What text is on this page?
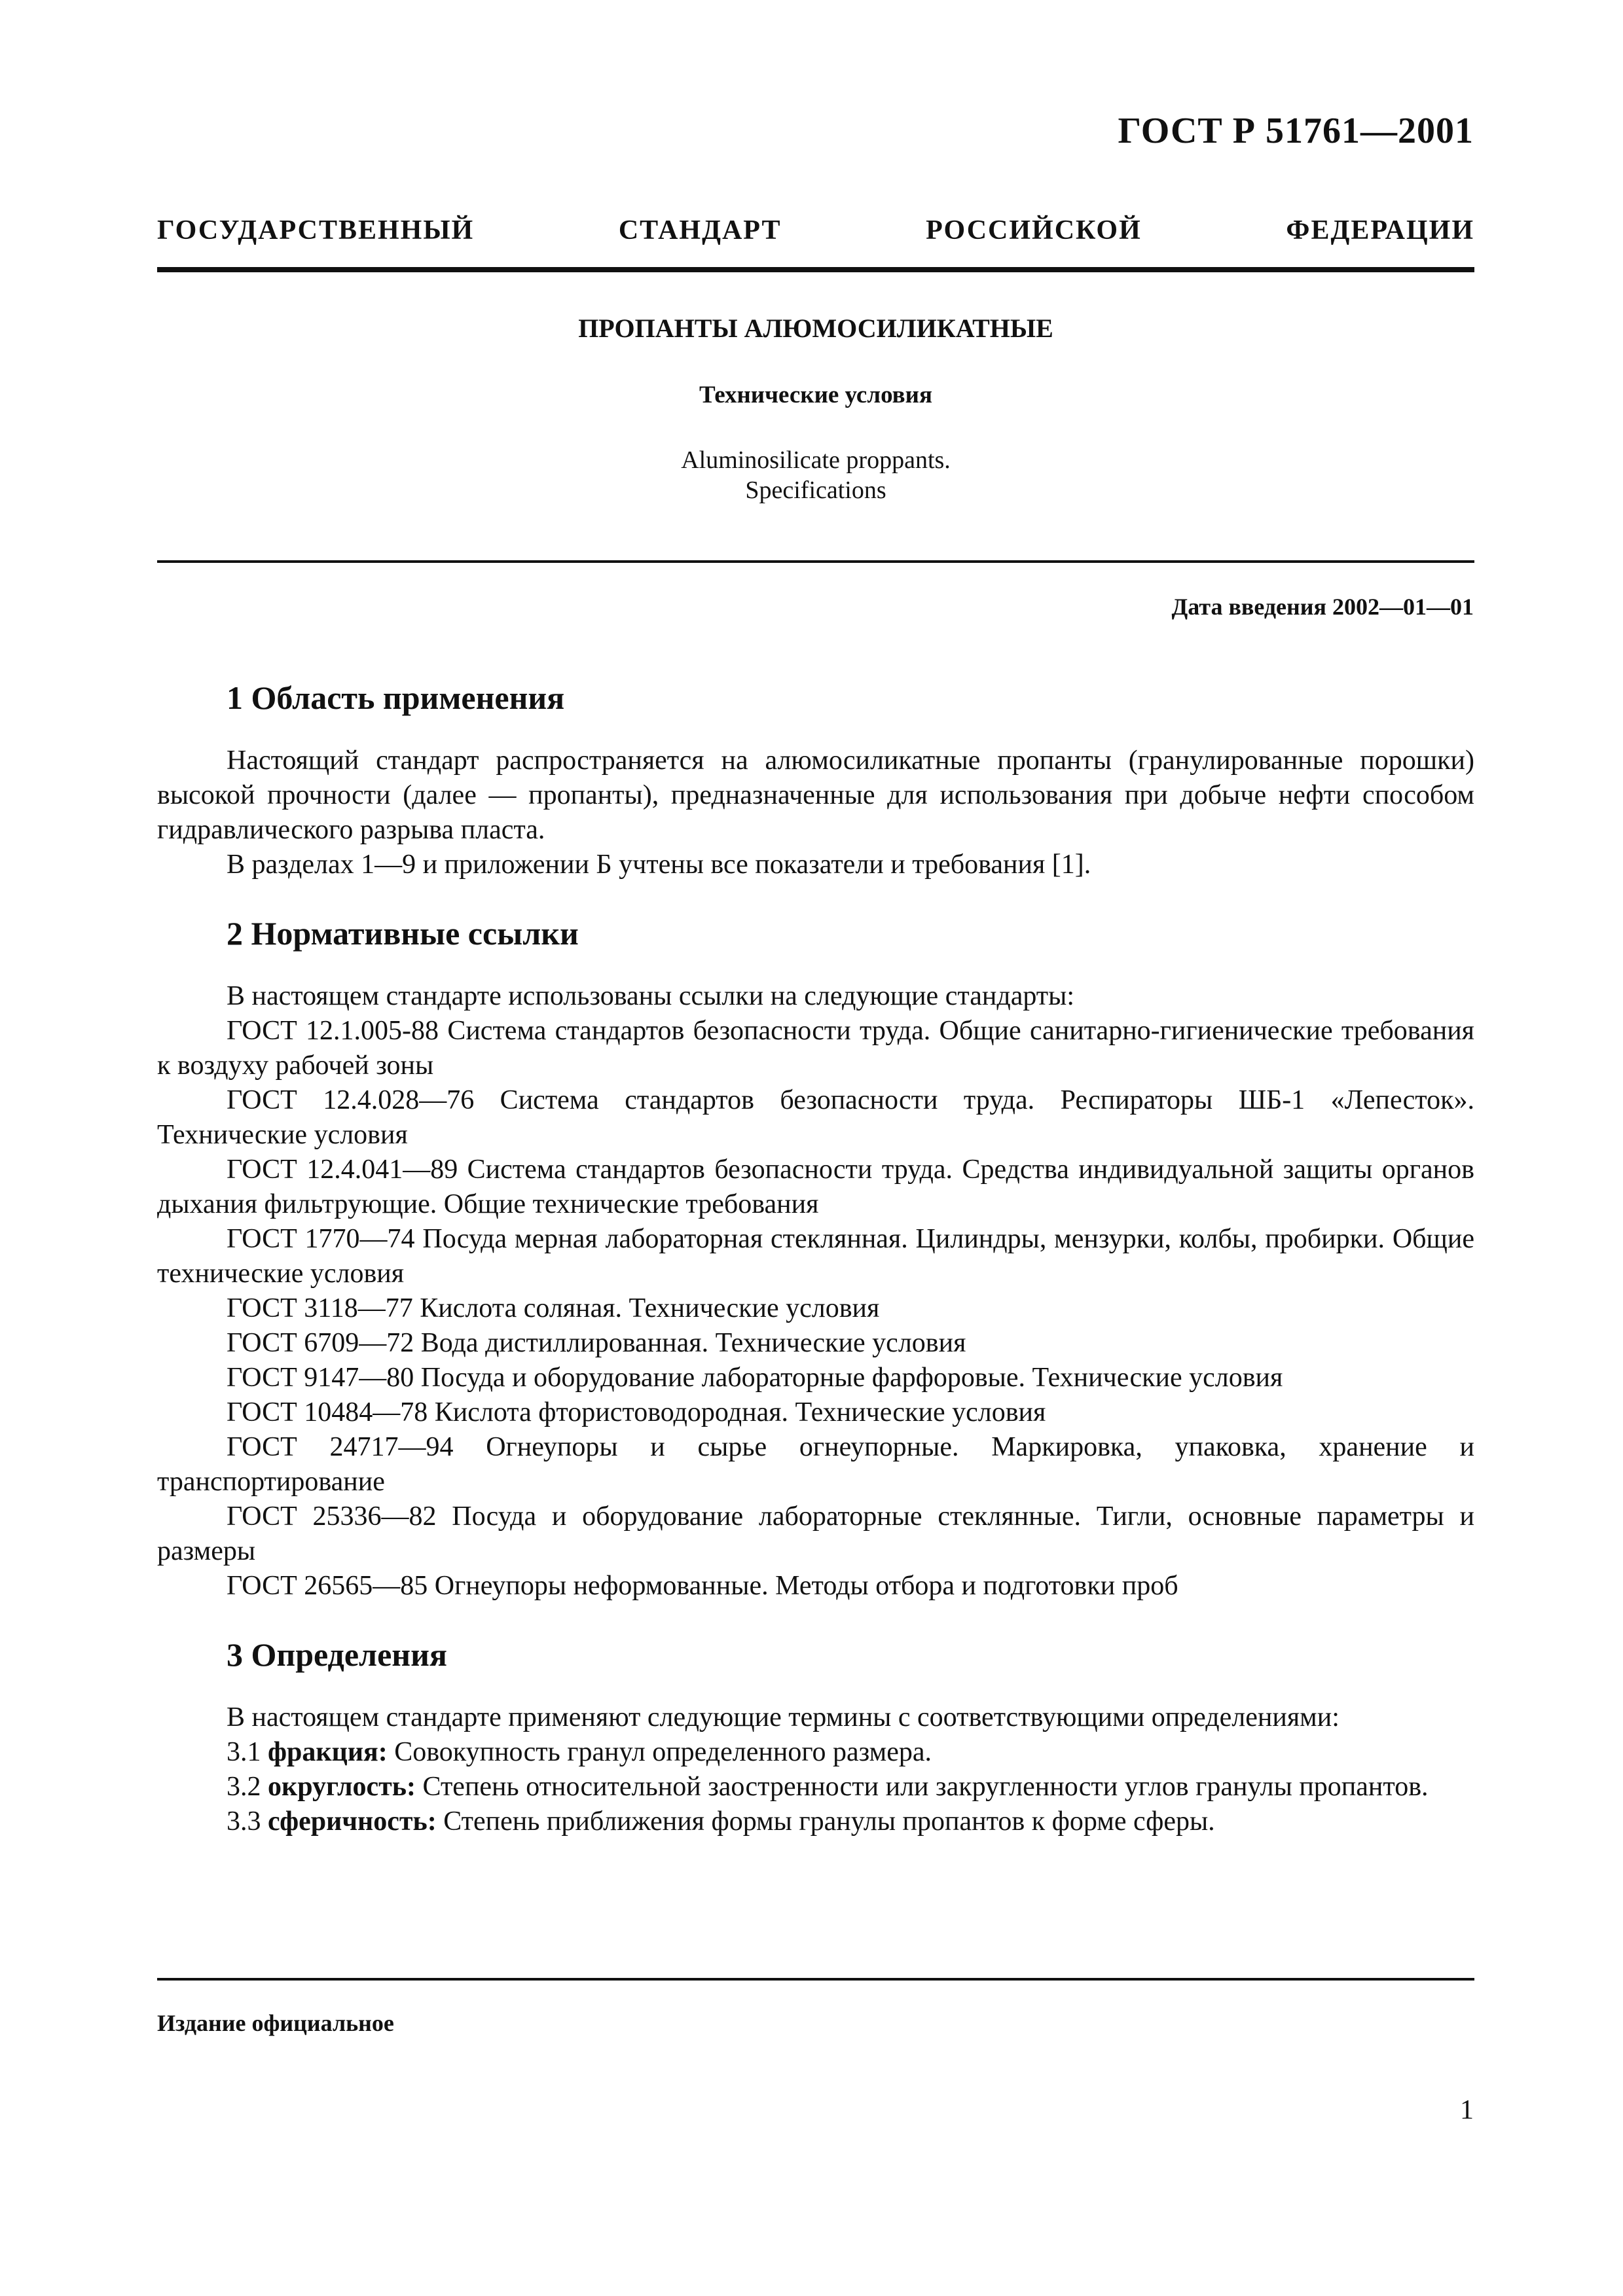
ГОСТ Р 51761—2001
ГОСУДАРСТВЕННЫЙ СТАНДАРТ РОССИЙСКОЙ ФЕДЕРАЦИИ
ПРОПАНТЫ АЛЮМОСИЛИКАТНЫЕ
Технические условия
Aluminosilicate proppants.
Specifications
Дата введения 2002—01—01
1 Область применения

Настоящий стандарт распространяется на алюмосиликатные пропанты (гранулированные порошки) высокой прочности (далее — пропанты), предназначенные для использования при добыче нефти способом гидравлического разрыва пласта.

В разделах 1—9 и приложении Б учтены все показатели и требования [1].

2 Нормативные ссылки

В настоящем стандарте использованы ссылки на следующие стандарты:

ГОСТ 12.1.005-88 Система стандартов безопасности труда. Общие санитарно-гигиенические требования к воздуху рабочей зоны

ГОСТ 12.4.028—76 Система стандартов безопасности труда. Респираторы ШБ-1 «Лепесток». Технические условия

ГОСТ 12.4.041—89 Система стандартов безопасности труда. Средства индивидуальной защиты органов дыхания фильтрующие. Общие технические требования

ГОСТ 1770—74 Посуда мерная лабораторная стеклянная. Цилиндры, мензурки, колбы, пробирки. Общие технические условия

ГОСТ 3118—77 Кислота соляная. Технические условия

ГОСТ 6709—72 Вода дистиллированная. Технические условия

ГОСТ 9147—80 Посуда и оборудование лабораторные фарфоровые. Технические условия

ГОСТ 10484—78 Кислота фтористоводородная. Технические условия

ГОСТ 24717—94 Огнеупоры и сырье огнеупорные. Маркировка, упаковка, хранение и транспортирование

ГОСТ 25336—82 Посуда и оборудование лабораторные стеклянные. Тигли, основные параметры и размеры

ГОСТ 26565—85 Огнеупоры неформованные. Методы отбора и подготовки проб

3 Определения

В настоящем стандарте применяют следующие термины с соответствующими определениями:

3.1 фракция: Совокупность гранул определенного размера.

3.2 округлость: Степень относительной заостренности или закругленности углов гранулы пропантов.

3.3 сферичность: Степень приближения формы гранулы пропантов к форме сферы.

Издание официальное
1
